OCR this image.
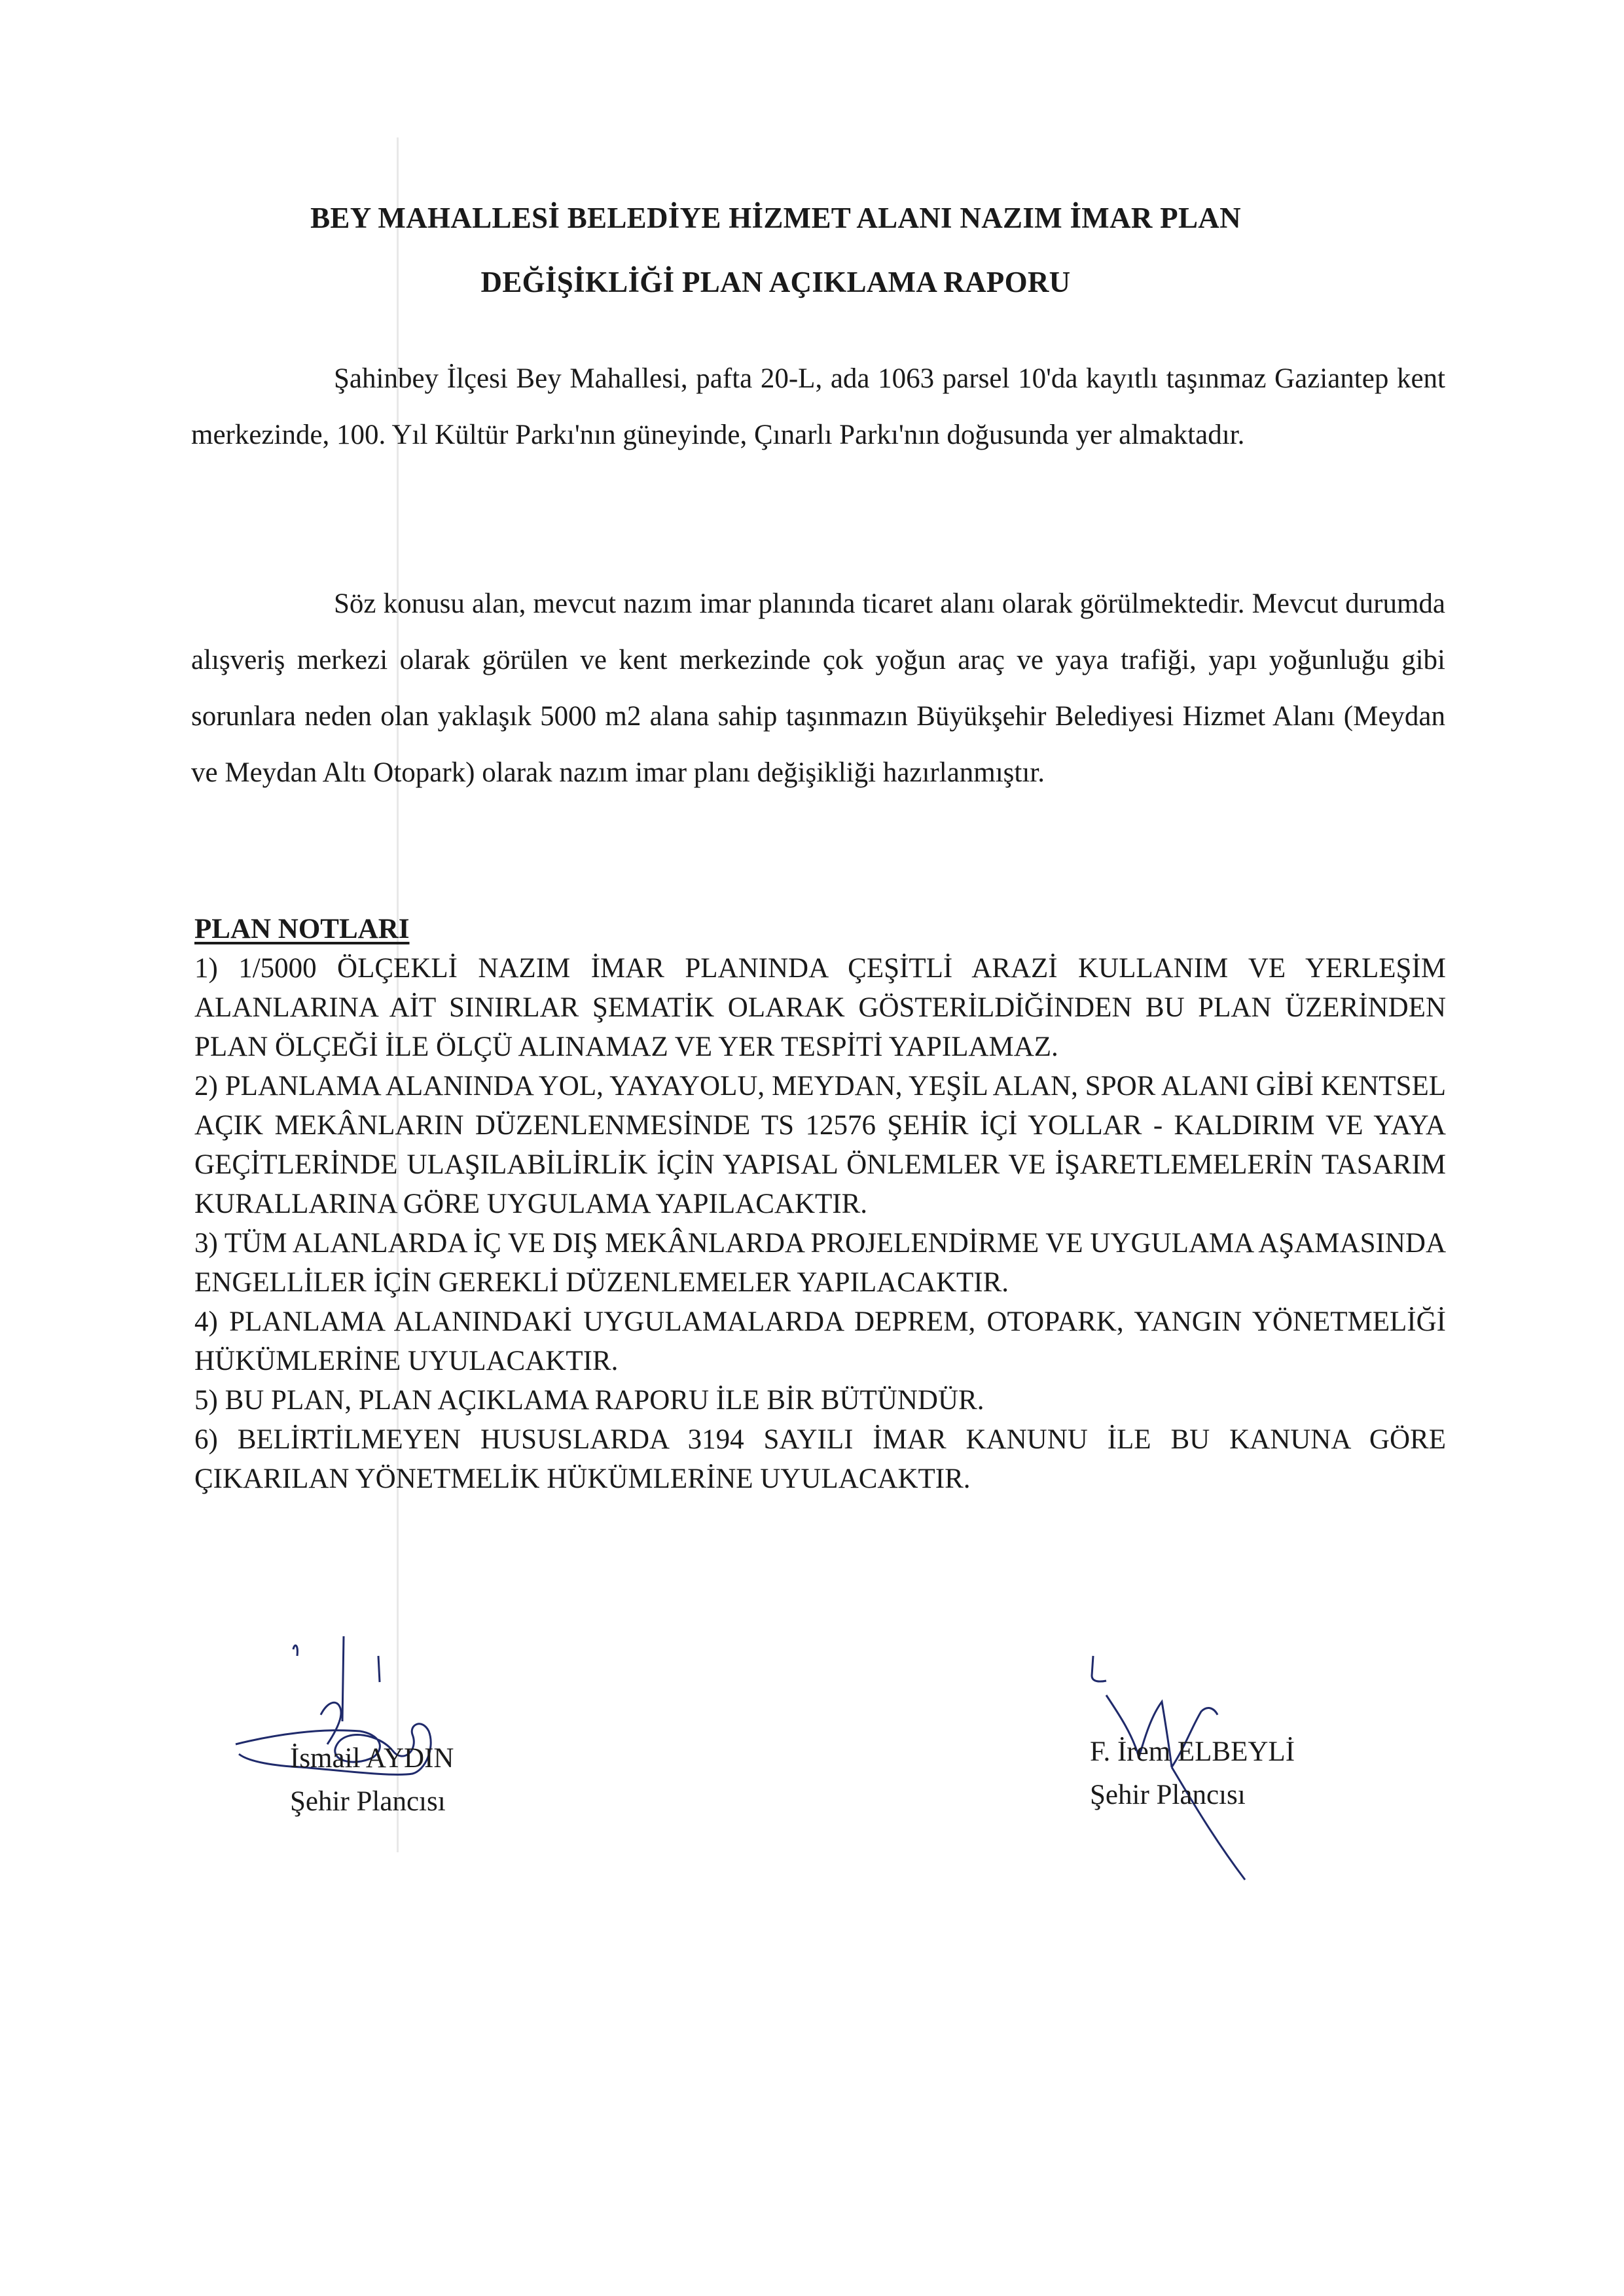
BEY MAHALLESİ BELEDİYE HİZMET ALANI NAZIM İMAR PLAN
DEĞİŞİKLİĞİ PLAN AÇIKLAMA RAPORU
Şahinbey İlçesi Bey Mahallesi, pafta 20-L, ada 1063 parsel 10'da kayıtlı taşınmaz Gaziantep kent merkezinde, 100. Yıl Kültür Parkı'nın güneyinde, Çınarlı Parkı'nın doğusunda yer almaktadır.
Söz konusu alan, mevcut nazım imar planında ticaret alanı olarak görülmektedir. Mevcut durumda alışveriş merkezi olarak görülen ve kent merkezinde çok yoğun araç ve yaya trafiği, yapı yoğunluğu gibi sorunlara neden olan yaklaşık 5000 m2 alana sahip taşınmazın Büyükşehir Belediyesi Hizmet Alanı (Meydan ve Meydan Altı Otopark) olarak nazım imar planı değişikliği hazırlanmıştır.
PLAN NOTLARI
1) 1/5000 ÖLÇEKLİ NAZIM İMAR PLANINDA ÇEŞİTLİ ARAZİ KULLANIM VE YERLEŞİM ALANLARINA AİT SINIRLAR ŞEMATİK OLARAK GÖSTERİLDİĞİNDEN BU PLAN ÜZERİNDEN PLAN ÖLÇEĞİ İLE ÖLÇÜ ALINAMAZ VE YER TESPİTİ YAPILAMAZ.
2) PLANLAMA ALANINDA YOL, YAYAYOLU, MEYDAN, YEŞİL ALAN, SPOR ALANI GİBİ KENTSEL AÇIK MEKÂNLARIN DÜZENLENMESİNDE TS 12576 ŞEHİR İÇİ YOLLAR - KALDIRIM VE YAYA GEÇİTLERİNDE ULAŞILABİLİRLİK İÇİN YAPISAL ÖNLEMLER VE İŞARETLEMELERİN TASARIM KURALLARINA GÖRE UYGULAMA YAPILACAKTIR.
3) TÜM ALANLARDA İÇ VE DIŞ MEKÂNLARDA PROJELENDİRME VE UYGULAMA AŞAMASINDA ENGELLİLER İÇİN GEREKLİ DÜZENLEMELER YAPILACAKTIR.
4) PLANLAMA ALANINDAKİ UYGULAMALARDA DEPREM, OTOPARK, YANGIN YÖNETMELİĞİ HÜKÜMLERİNE UYULACAKTIR.
5) BU PLAN, PLAN AÇIKLAMA RAPORU İLE BİR BÜTÜNDÜR.
6) BELİRTİLMEYEN HUSUSLARDA 3194 SAYILI İMAR KANUNU İLE BU KANUNA GÖRE ÇIKARILAN YÖNETMELİK HÜKÜMLERİNE UYULACAKTIR.
İsmail AYDIN
Şehir Plancısı
F. İrem ELBEYLİ
Şehir Plancısı
